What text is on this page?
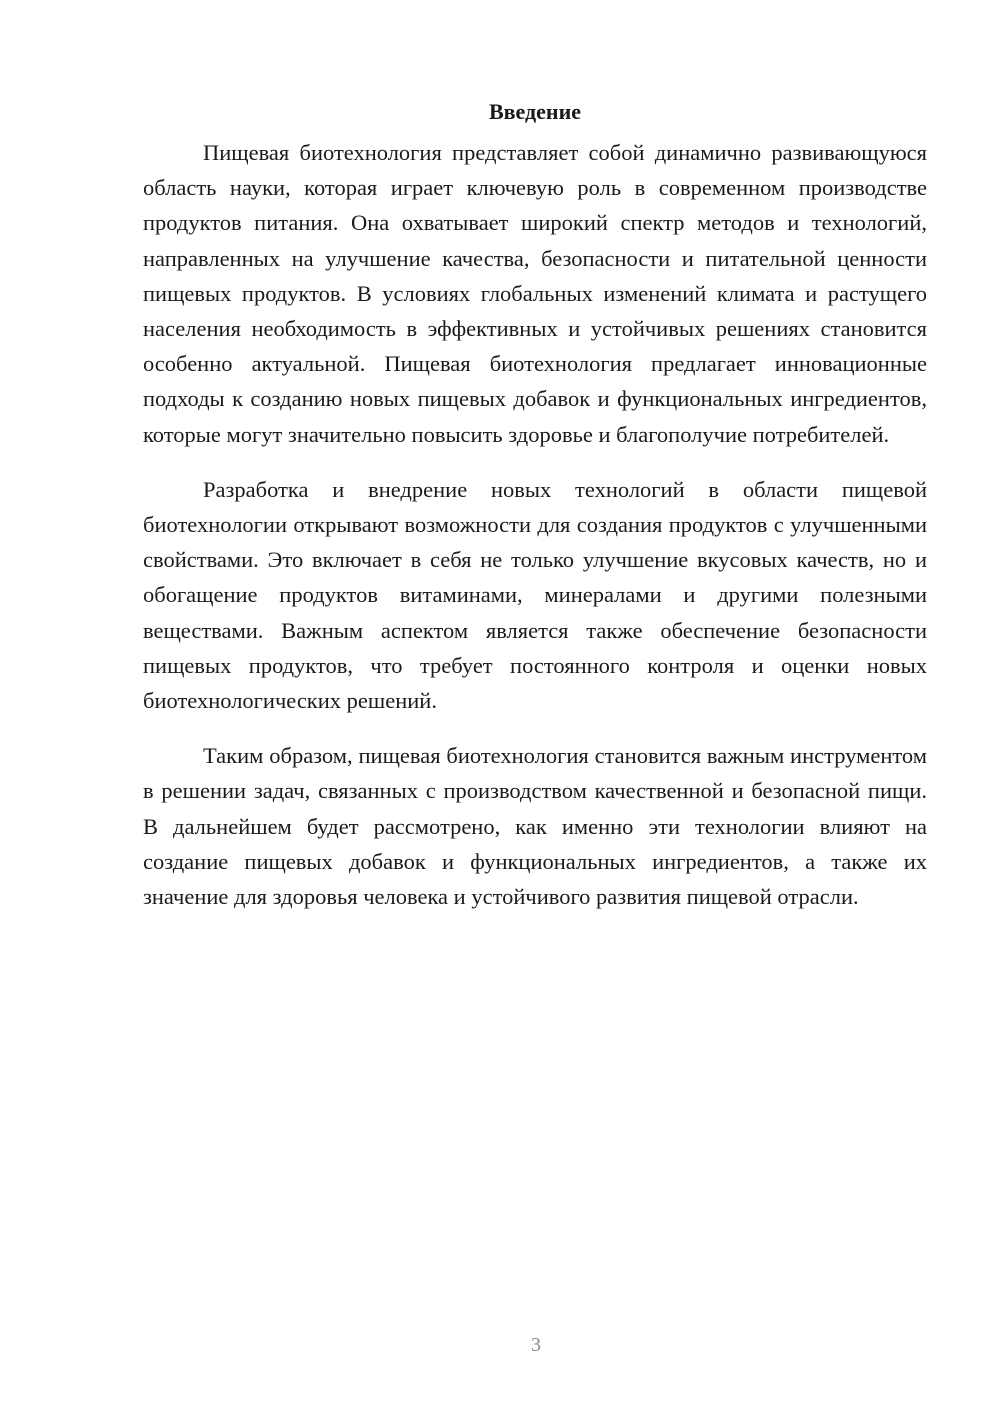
Введение

Пищевая биотехнология представляет собой динамично развивающуюся область науки, которая играет ключевую роль в современном производстве продуктов питания. Она охватывает широкий спектр методов и технологий, направленных на улучшение качества, безопасности и питательной ценности пищевых продуктов. В условиях глобальных изменений климата и растущего населения необходимость в эффективных и устойчивых решениях становится особенно актуальной. Пищевая биотехнология предлагает инновационные подходы к созданию новых пищевых добавок и функциональных ингредиентов, которые могут значительно повысить здоровье и благополучие потребителей.

Разработка и внедрение новых технологий в области пищевой биотехнологии открывают возможности для создания продуктов с улучшенными свойствами. Это включает в себя не только улучшение вкусовых качеств, но и обогащение продуктов витаминами, минералами и другими полезными веществами. Важным аспектом является также обеспечение безопасности пищевых продуктов, что требует постоянного контроля и оценки новых биотехнологических решений.

Таким образом, пищевая биотехнология становится важным инструментом в решении задач, связанных с производством качественной и безопасной пищи. В дальнейшем будет рассмотрено, как именно эти технологии влияют на создание пищевых добавок и функциональных ингредиентов, а также их значение для здоровья человека и устойчивого развития пищевой отрасли.

3
